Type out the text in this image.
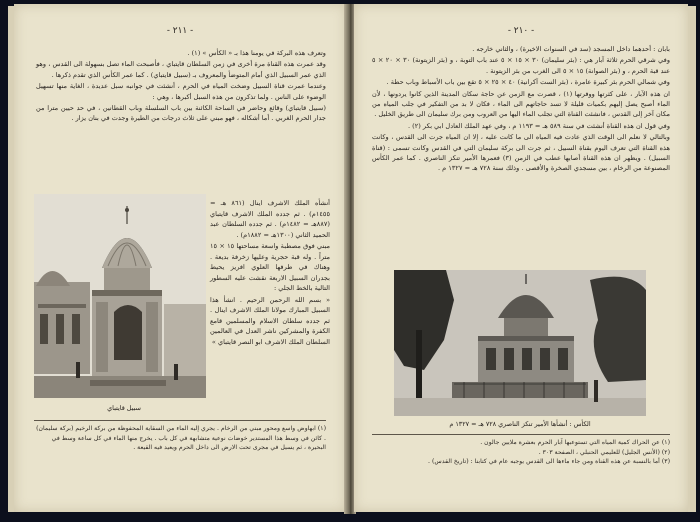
- ٢١١ -

وتعرف هذه البركة في يومنا هذا بـ « الكأس » (١) .

وقد عمرت هذه القناة مرة أخرى في زمن السلطان قايتباي ، فأصبحت الماء تصل بسهولة الى القدس ، وهو الذي عمر السبيل الذي أمام المتوضأ والمعروف بـ (سبيل قايتباي) . كما عمر الكأس الذي تقدم ذكرها .

وعندما عمرت قناة السبيل وضخت المياه في الحرم ، أنشئت في جوانبه سبل عديدة ، الغاية منها تسهيل الوضوء على الناس . ولما تذكرون من هذه السبل أكبرها ، وهي :

(سبيل قايتباي) وقائع وحاضر في الساحة الكائنة بين باب السلسلة وباب القطانين ، في حد حيين مترا من جدار الحرم الغربي . أما أشكاله ، فهو مبني على ثلاث درجات من الطيرة وجدت في بنان يزار .

أنشأه الملك الاشرف اينال (٨٦١ هـ = ١٤٥٥م) . ثم جدده الملك الاشرف قايتباي (٨٨٧هـ = ١٤٨٢م) . ثم جدده السلطان عبد الحميد الثاني (١٣٠٠هـ = ١٨٨٢م) .

مبني فوق مصطبة واسعة مساحتها ١٥ × ١٥ متراً . وله قبة حجرية وعليها زخرفة بديعة . وهناك في طرفها العلوي افريز يحيط بجدران السبيل الاربعة نقشت عليه السطور التالية بالخط الجلي :

« بسم الله الرحمن الرحيم . انشأ هذا السبيل المبارك مولانا الملك الاشرف اينال . ثم جدده سلطان الاسلام والمسلمين قامع الكفرة والمشركين ناشر العدل في العالمين السلطان الملك الاشرف ابو النصر قايتباي »

سبيل قايتباي

(١) ابهاوض واسع ومحور مبني من الرخام . يجري إليه الماء من السقاية المحفوظة من بركة الرخيم (بركة سليمان) . كائن في وسط هذا المستدير خوضات نوعية متشابهة في كل باب . يخرج منها الماء في كل ساعة وسط في البحيرة ، ثم يسيل في مجرى تحت الارض الى داخل الحرم ويعيد فيه القيعة .

- ٢١٠ -

بابان : أحدهما داخل المسجد (سد في السنوات الاخيرة) ، والثاني خارجه .

وفي شرقي الحرم ثلاثة آبار هي : (بئر سليمان) ٣٠ × ١٥ × ٥ عند باب التوبة ، و (بئر الزيتونة) ٣٠ × ٢٠ × ٥ عند قبة الحرم ، و (بئر الصوانة) ١٥ × ٥ الى الغرب من بئر الزيتونة .

وفي شمالي الحرم بئر كبيرة عامرة ، (بئر الست آكرانية) ٤٠ × ٢٥ × ٥ تقع بين باب الأسباط وباب حطة .

ان هذه الآبار ، على كثرتها ووفرتها (١) ، قصرت مع الزمن عن حاجة سكان المدينة الذين كانوا يردونها ، لأن الماء أصبح يصل إليهم بكميات قليلة لا تسد حاجاتهم الى الماء ، فكان لا بد من التفكير في جلب المياه من مكان آخر إلى القدس ، فانشئت القناة التي تجلب الماء اليها من العروب ومن برك سليمان الى طريق الخليل .

وفي قول ان هذه القناة أنشئت في سنة ٥٨٩ هـ = ١١٩٣ م ، وفي عهد الملك العادل ابي بكر (٢) .

وبالتالي لا نعلم الى الوقت الذي عادت فيه المياه الى ما كانت عليه ، إلا ان المياه جرت الى القدس ، وكانت هذه القناة التي تعرف اليوم بقناة السبيل ، ثم جرت الى بركة سليمان التي في القدس وكانت تسمى : (قناة السبيل) . ويظهر ان هذه القناة أصابها عطب في الزمن (٣) فعمرها الأمير تنكز الناصري . كما عمر الكأس المصنوعة من الرخام ، بين مسجدي الصخرة والأقصى . وذلك سنة ٧٢٨ هـ = ١٣٢٧ م .

الكأس : أنشأها الأمير تنكز الناصري ٧٢٨ هـ = ١٣٢٧ م

(١) عن الحراك كمية المياه التي تستوعبها آبار الحرم بعشرة ملايين جالون .

(٢) (الأنس الجليل) للعليمي الحنبلي ، الصفحة ٣٠٣ .

(٣) أما بالنسبة عن هذه القناة ومن جاء ماءها الى القدس يوجبه عام في كتابنا : (تاريخ القدس) .
